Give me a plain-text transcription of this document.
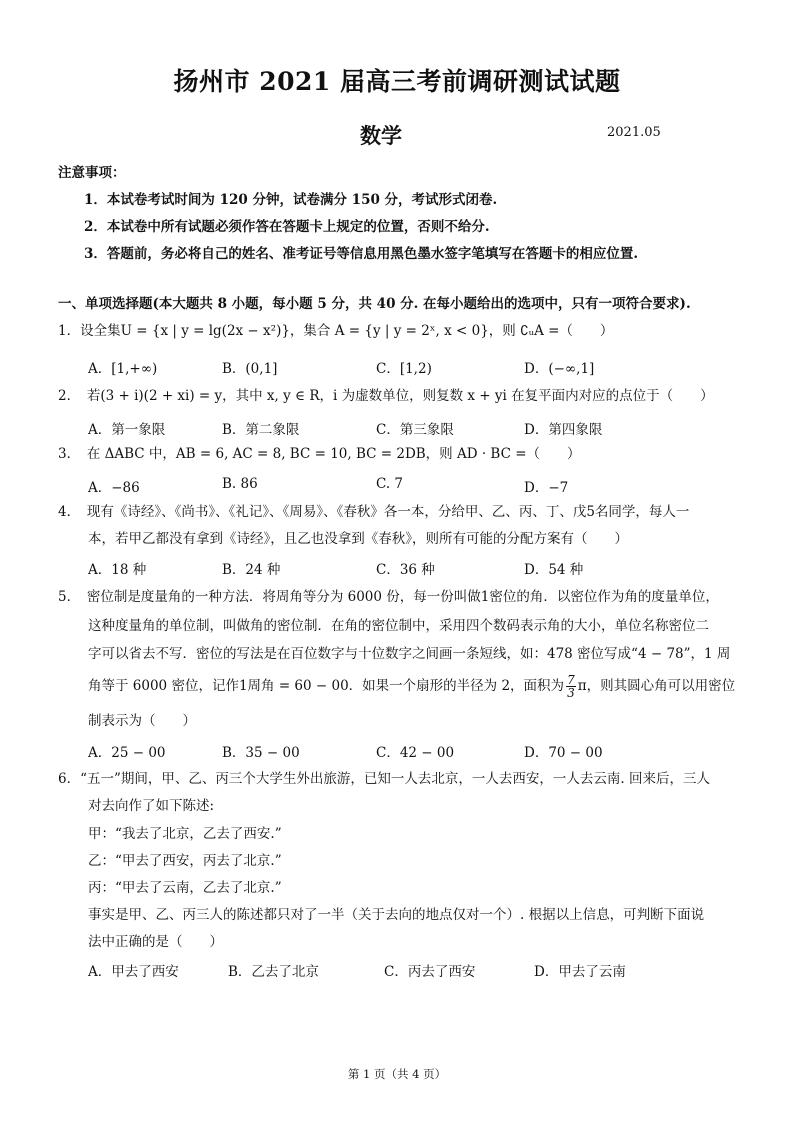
扬州市 2021 届高三考前调研测试试题
数学	2021.05
注意事项：
1．本试卷考试时间为 120 分钟，试卷满分 150 分，考试形式闭卷.
2．本试卷中所有试题必须作答在答题卡上规定的位置，否则不给分.
3．答题前，务必将自己的姓名、准考证号等信息用黑色墨水签字笔填写在答题卡的相应位置.
一、单项选择题(本大题共 8 小题，每小题 5 分，共 40 分. 在每小题给出的选项中，只有一项符合要求).
1．设全集U = {x | y = lg(2x − x²)}，集合 A = {y | y = 2ˣ, x < 0}，则 ∁ᵤA =（　　）
A．[1,+∞)	B．(0,1]	C．[1,2)	D．(−∞,1]
2．　若(3 + i)(2 + xi) = y，其中 x, y ∈ R，i 为虚数单位，则复数 x + yi 在复平面内对应的点位于（　　）
A．第一象限	B．第二象限	C．第三象限	D．第四象限
3．　在 ΔABC 中，AB = 6, AC = 8, BC = 10, BC = 2DB，则 AD · BC =（　　）
A．−86	B. 86	C. 7	D．−7
4．　现有《诗经》、《尚书》、《礼记》、《周易》、《春秋》各一本，分给甲、乙、丙、丁、戊5名同学，每人一
本，若甲乙都没有拿到《诗经》，且乙也没拿到《春秋》，则所有可能的分配方案有（　　）
A．18 种	B．24 种	C．36 种	D．54 种
5．　密位制是度量角的一种方法．将周角等分为 6000 份，每一份叫做1密位的角．以密位作为角的度量单位，
这种度量角的单位制，叫做角的密位制．在角的密位制中，采用四个数码表示角的大小，单位名称密位二
字可以省去不写．密位的写法是在百位数字与十位数字之间画一条短线，如：478 密位写成“4 − 78”，1 周
角等于 6000 密位，记作1周角 = 60 − 00．如果一个扇形的半径为 2，面积为 $\frac{7}{3}$ π，则其圆心角可以用密位
制表示为（　　）
A．25 − 00	B．35 − 00	C．42 − 00	D．70 − 00
6．“五一”期间，甲、乙、丙三个大学生外出旅游，已知一人去北京，一人去西安，一人去云南. 回来后，三人
对去向作了如下陈述:
甲：“我去了北京，乙去了西安.”
乙：“甲去了西安，丙去了北京.”
丙：“甲去了云南，乙去了北京.”
事实是甲、乙、丙三人的陈述都只对了一半（关于去向的地点仅对一个）. 根据以上信息，可判断下面说
法中正确的是（　　）
A．甲去了西安	B．乙去了北京	C．丙去了西安	D．甲去了云南
第 1 页（共 4 页）
